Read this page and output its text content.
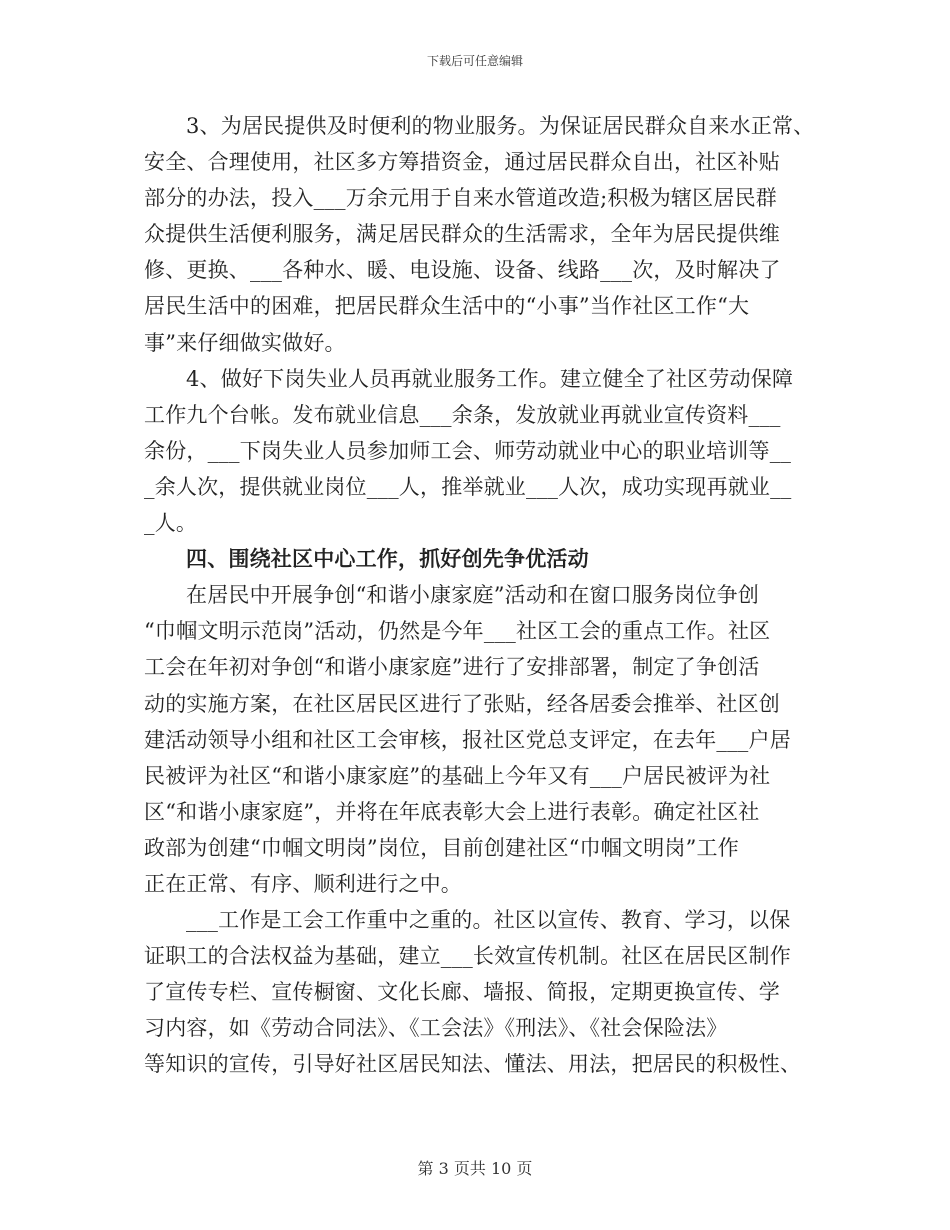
下载后可任意编辑
3、为居民提供及时便利的物业服务。为保证居民群众自来水正常、
安全、合理使用，社区多方筹措资金，通过居民群众自出，社区补贴
部分的办法，投入___万余元用于自来水管道改造;积极为辖区居民群
众提供生活便利服务，满足居民群众的生活需求，全年为居民提供维
修、更换、___各种水、暖、电设施、设备、线路___次，及时解决了
居民生活中的困难，把居民群众生活中的“小事”当作社区工作“大
事”来仔细做实做好。
4、做好下岗失业人员再就业服务工作。建立健全了社区劳动保障
工作九个台帐。发布就业信息___余条，发放就业再就业宣传资料___
余份，___下岗失业人员参加师工会、师劳动就业中心的职业培训等__
_余人次，提供就业岗位___人，推举就业___人次，成功实现再就业__
_人。
四、围绕社区中心工作，抓好创先争优活动
在居民中开展争创“和谐小康家庭”活动和在窗口服务岗位争创
“巾帼文明示范岗”活动，仍然是今年___社区工会的重点工作。社区
工会在年初对争创“和谐小康家庭”进行了安排部署，制定了争创活
动的实施方案，在社区居民区进行了张贴，经各居委会推举、社区创
建活动领导小组和社区工会审核，报社区党总支评定，在去年___户居
民被评为社区“和谐小康家庭”的基础上今年又有___户居民被评为社
区“和谐小康家庭”，并将在年底表彰大会上进行表彰。确定社区社
政部为创建“巾帼文明岗”岗位，目前创建社区“巾帼文明岗”工作
正在正常、有序、顺利进行之中。
___工作是工会工作重中之重的。社区以宣传、教育、学习，以保
证职工的合法权益为基础，建立___长效宣传机制。社区在居民区制作
了宣传专栏、宣传橱窗、文化长廊、墙报、简报，定期更换宣传、学
习内容，如《劳动合同法》、《工会法》《刑法》、《社会保险法》
等知识的宣传，引导好社区居民知法、懂法、用法，把居民的积极性、
第 3 页共 10 页
